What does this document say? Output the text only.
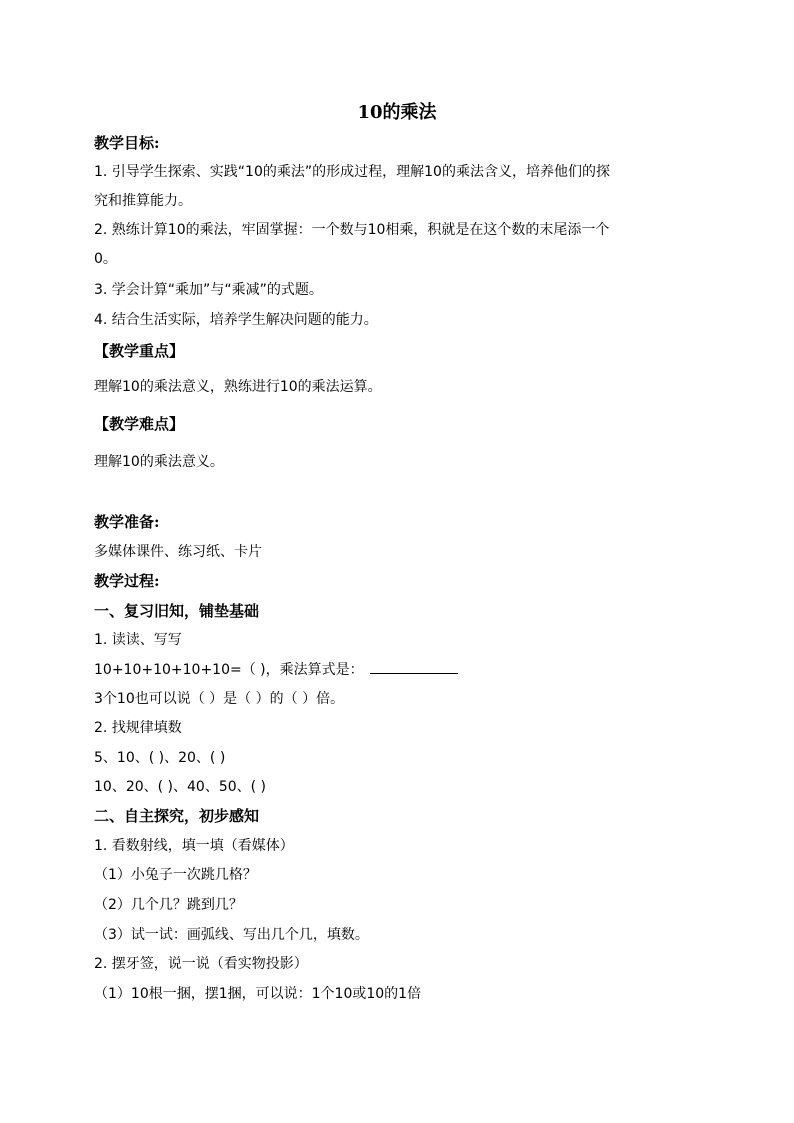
10的乘法
教学目标:
1. 引导学生探索、实践“10的乘法”的形成过程，理解10的乘法含义，培养他们的探
究和推算能力。
2. 熟练计算10的乘法，牢固掌握：一个数与10相乘，积就是在这个数的末尾添一个
0。
3. 学会计算“乘加”与“乘减”的式题。
4. 结合生活实际，培养学生解决问题的能力。
【教学重点】
理解10的乘法意义，熟练进行10的乘法运算。
【教学难点】
理解10的乘法意义。
教学准备:
多媒体课件、练习纸、卡片
教学过程:
一、复习旧知，铺垫基础
1. 读读、写写
10+10+10+10+10=（ )，乘法算式是：
3个10也可以说（ ）是（ ）的（ ）倍。
2. 找规律填数
5、10、( )、20、( )
10、20、( )、40、50、( )
二、自主探究，初步感知
1. 看数射线，填一填（看媒体）
（1）小兔子一次跳几格？
（2）几个几？跳到几？
（3）试一试：画弧线、写出几个几，填数。
2. 摆牙签，说一说（看实物投影）
（1）10根一捆，摆1捆，可以说：1个10或10的1倍
